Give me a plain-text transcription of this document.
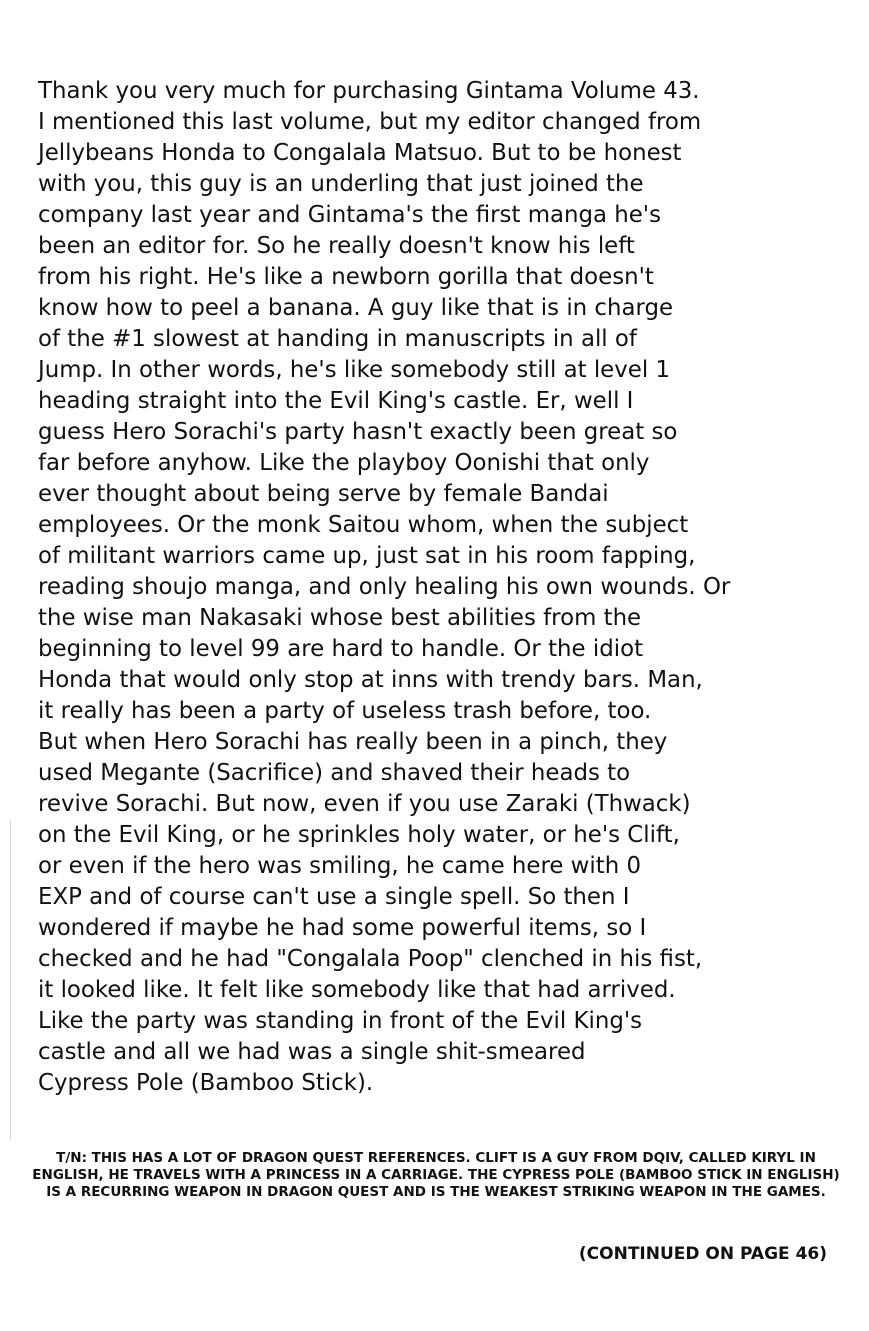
Thank you very much for purchasing Gintama Volume 43.
I mentioned this last volume, but my editor changed from
Jellybeans Honda to Congalala Matsuo. But to be honest
with you, this guy is an underling that just joined the
company last year and Gintama's the first manga he's
been an editor for. So he really doesn't know his left
from his right. He's like a newborn gorilla that doesn't
know how to peel a banana. A guy like that is in charge
of the #1 slowest at handing in manuscripts in all of
Jump. In other words, he's like somebody still at level 1
heading straight into the Evil King's castle. Er, well I
guess Hero Sorachi's party hasn't exactly been great so
far before anyhow. Like the playboy Oonishi that only
ever thought about being serve by female Bandai
employees. Or the monk Saitou whom, when the subject
of militant warriors came up, just sat in his room fapping,
reading shoujo manga, and only healing his own wounds. Or
the wise man Nakasaki whose best abilities from the
beginning to level 99 are hard to handle. Or the idiot
Honda that would only stop at inns with trendy bars. Man,
it really has been a party of useless trash before, too.
But when Hero Sorachi has really been in a pinch, they
used Megante (Sacrifice) and shaved their heads to
revive Sorachi. But now, even if you use Zaraki (Thwack)
on the Evil King, or he sprinkles holy water, or he's Clift,
or even if the hero was smiling, he came here with 0
EXP and of course can't use a single spell. So then I
wondered if maybe he had some powerful items, so I
checked and he had "Congalala Poop" clenched in his fist,
it looked like. It felt like somebody like that had arrived.
Like the party was standing in front of the Evil King's
castle and all we had was a single shit-smeared
Cypress Pole (Bamboo Stick).

T/N: THIS HAS A LOT OF DRAGON QUEST REFERENCES. CLIFT IS A GUY FROM DQIV, CALLED KIRYL IN ENGLISH, HE TRAVELS WITH A PRINCESS IN A CARRIAGE. THE CYPRESS POLE (BAMBOO STICK IN ENGLISH) IS A RECURRING WEAPON IN DRAGON QUEST AND IS THE WEAKEST STRIKING WEAPON IN THE GAMES.

(CONTINUED ON PAGE 46)
